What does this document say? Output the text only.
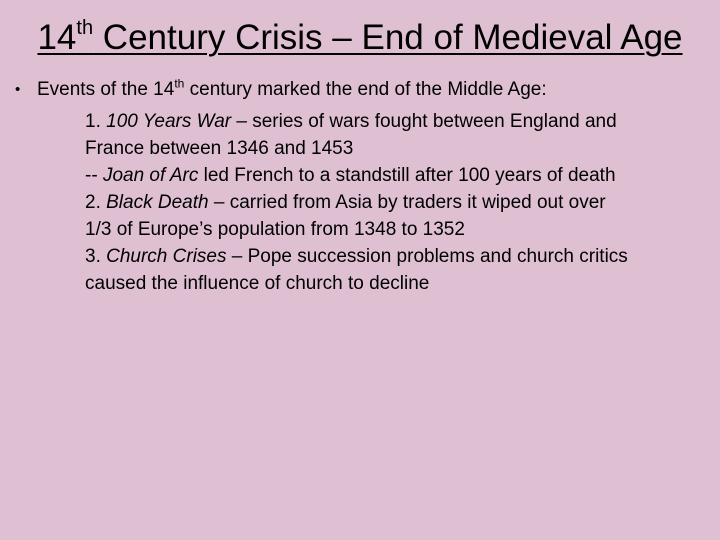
14th Century Crisis – End of Medieval Age
• Events of the 14th century marked the end of the Middle Age:
1. 100 Years War – series of wars fought between England and
France between 1346 and 1453
-- Joan of Arc led French to a standstill after 100 years of death
2. Black Death – carried from Asia by traders it wiped out over
1/3 of Europe’s population from 1348 to 1352
3. Church Crises – Pope succession problems and church critics
caused the influence of church to decline
